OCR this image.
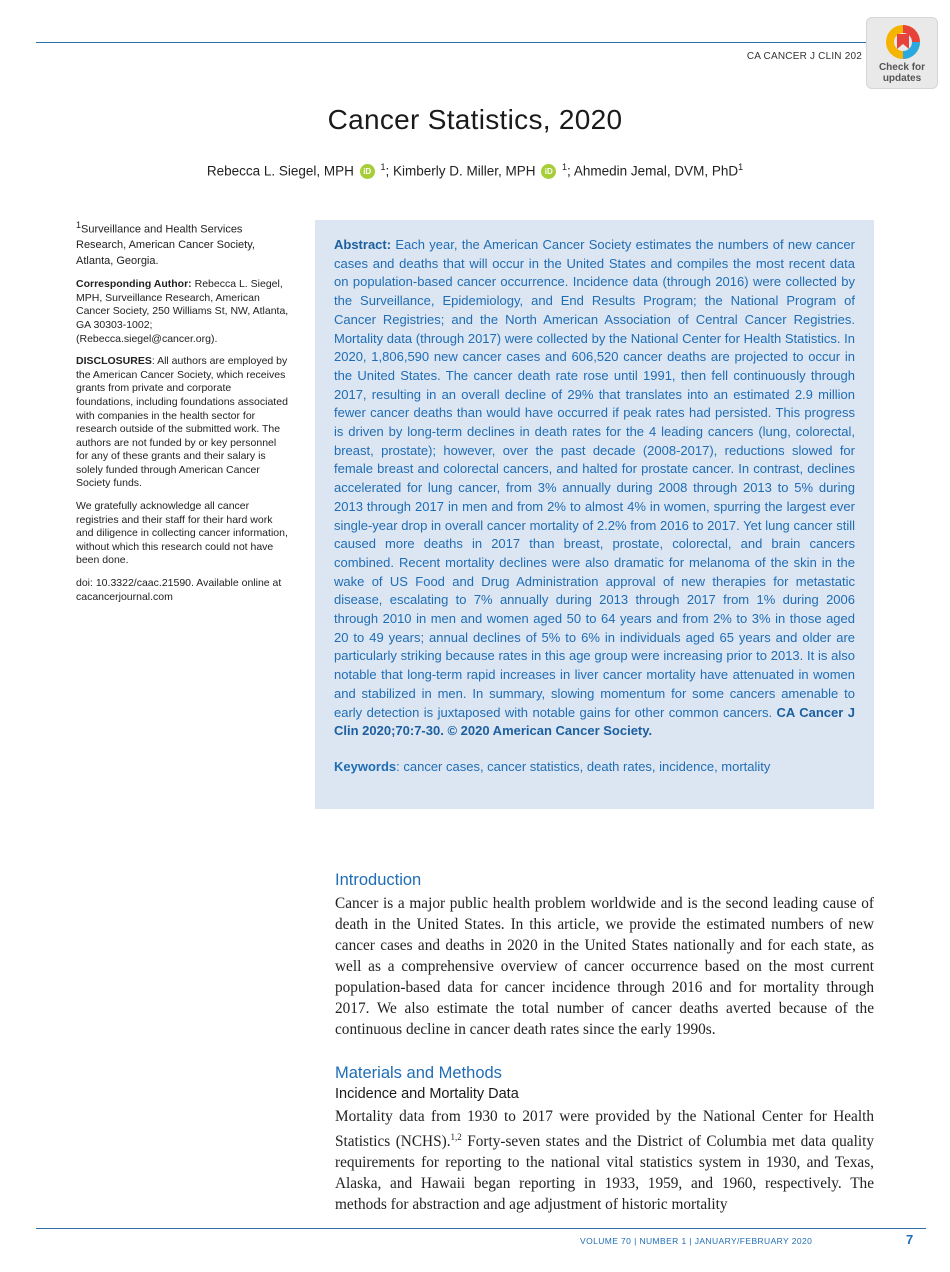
CA CANCER J CLIN 202
Check for
updates
Cancer Statistics, 2020
Rebecca L. Siegel, MPH iD $^1$; Kimberly D. Miller, MPH iD $^1$; Ahmedin Jemal, DVM, PhD$^1$

$^1$Surveillance and Health Services Research, American Cancer Society, Atlanta, Georgia.

Corresponding Author: Rebecca L. Siegel, MPH, Surveillance Research, American Cancer Society, 250 Williams St, NW, Atlanta, GA 30303-1002; (Rebecca.siegel@cancer.org).

DISCLOSURES: All authors are employed by the American Cancer Society, which receives grants from private and corporate foundations, including foundations associated with companies in the health sector for research outside of the submitted work. The authors are not funded by or key personnel for any of these grants and their salary is solely funded through American Cancer Society funds.

We gratefully acknowledge all cancer registries and their staff for their hard work and diligence in collecting cancer information, without which this research could not have been done.

doi: 10.3322/caac.21590. Available online at cacancerjournal.com

Abstract: Each year, the American Cancer Society estimates the numbers of new cancer cases and deaths that will occur in the United States and compiles the most recent data on population-based cancer occurrence. Incidence data (through 2016) were collected by the Surveillance, Epidemiology, and End Results Program; the National Program of Cancer Registries; and the North American Association of Central Cancer Registries. Mortality data (through 2017) were collected by the National Center for Health Statistics. In 2020, 1,806,590 new cancer cases and 606,520 cancer deaths are projected to occur in the United States. The cancer death rate rose until 1991, then fell continuously through 2017, resulting in an overall decline of 29% that translates into an estimated 2.9 million fewer cancer deaths than would have occurred if peak rates had persisted. This progress is driven by long-term declines in death rates for the 4 leading cancers (lung, colorectal, breast, prostate); however, over the past decade (2008-2017), reductions slowed for female breast and colorectal cancers, and halted for prostate cancer. In contrast, declines accelerated for lung cancer, from 3% annually during 2008 through 2013 to 5% during 2013 through 2017 in men and from 2% to almost 4% in women, spurring the largest ever single-year drop in overall cancer mortality of 2.2% from 2016 to 2017. Yet lung cancer still caused more deaths in 2017 than breast, prostate, colorectal, and brain cancers combined. Recent mortality declines were also dramatic for melanoma of the skin in the wake of US Food and Drug Administration approval of new therapies for metastatic disease, escalating to 7% annually during 2013 through 2017 from 1% during 2006 through 2010 in men and women aged 50 to 64 years and from 2% to 3% in those aged 20 to 49 years; annual declines of 5% to 6% in individuals aged 65 years and older are particularly striking because rates in this age group were increasing prior to 2013. It is also notable that long-term rapid increases in liver cancer mortality have attenuated in women and stabilized in men. In summary, slowing momentum for some cancers amenable to early detection is juxtaposed with notable gains for other common cancers. CA Cancer J Clin 2020;70:7-30. © 2020 American Cancer Society.

Keywords: cancer cases, cancer statistics, death rates, incidence, mortality
Introduction

Cancer is a major public health problem worldwide and is the second leading cause of death in the United States. In this article, we provide the estimated numbers of new cancer cases and deaths in 2020 in the United States nationally and for each state, as well as a comprehensive overview of cancer occurrence based on the most current population-based data for cancer incidence through 2016 and for mortality through 2017. We also estimate the total number of cancer deaths averted because of the continuous decline in cancer death rates since the early 1990s.

Materials and Methods
Incidence and Mortality Data

Mortality data from 1930 to 2017 were provided by the National Center for Health Statistics (NCHS).$^{1,2}$ Forty-seven states and the District of Columbia met data quality requirements for reporting to the national vital statistics system in 1930, and Texas, Alaska, and Hawaii began reporting in 1933, 1959, and 1960, respectively. The methods for abstraction and age adjustment of historic mortality

VOLUME 70 | NUMBER 1 | JANUARY/FEBRUARY 2020	7
